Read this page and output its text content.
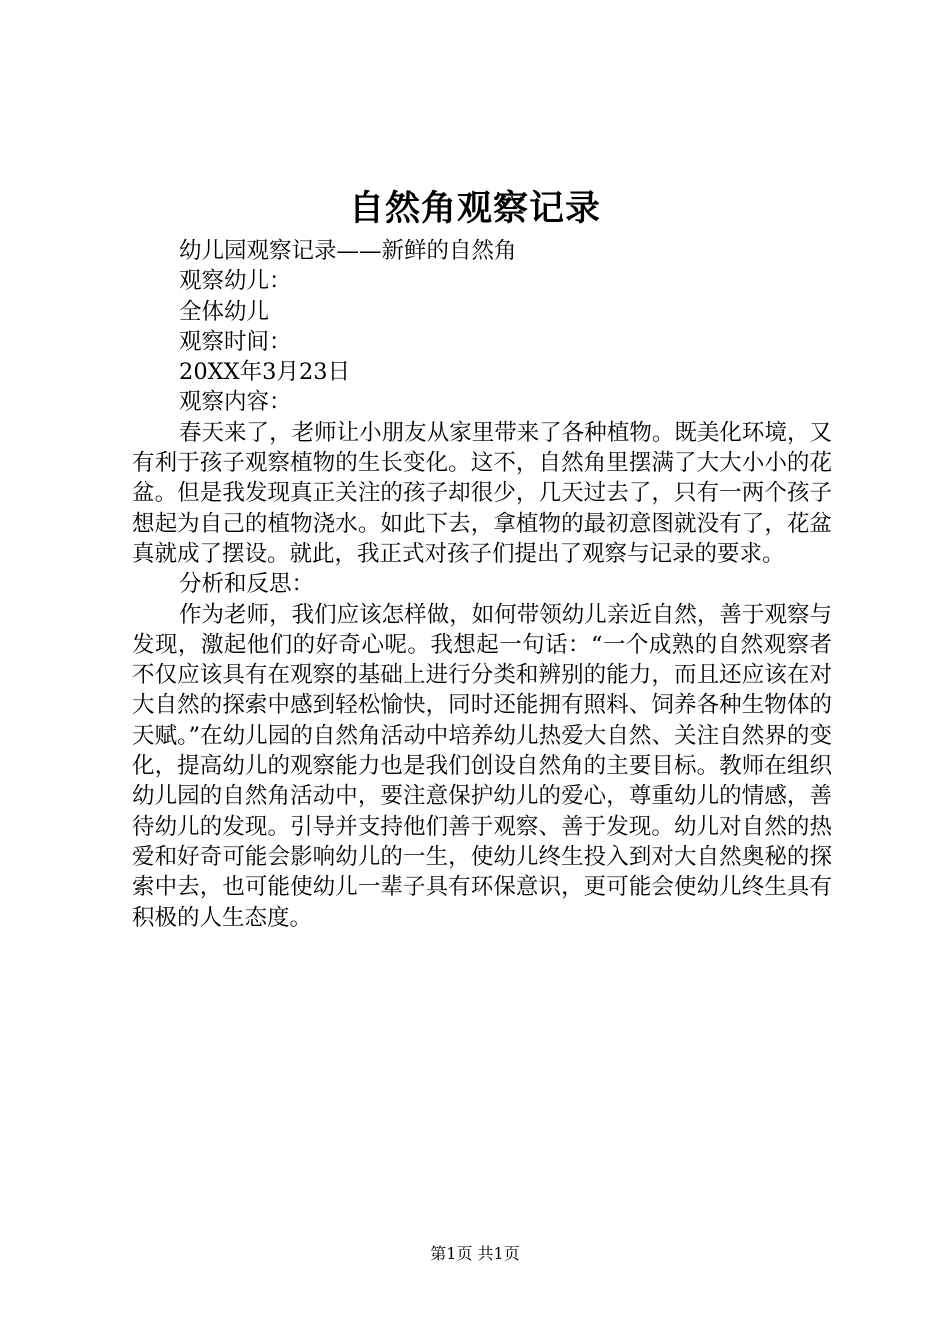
自然角观察记录

幼儿园观察记录——新鲜的自然角

观察幼儿：

全体幼儿

观察时间：

20XX年3月23日

观察内容：

春天来了，老师让小朋友从家里带来了各种植物。既美化环境，又有利于孩子观察植物的生长变化。这不，自然角里摆满了大大小小的花盆。但是我发现真正关注的孩子却很少，几天过去了，只有一两个孩子想起为自己的植物浇水。如此下去，拿植物的最初意图就没有了，花盆真就成了摆设。就此，我正式对孩子们提出了观察与记录的要求。

分析和反思：

作为老师，我们应该怎样做，如何带领幼儿亲近自然，善于观察与发现，激起他们的好奇心呢。我想起一句话：“一个成熟的自然观察者不仅应该具有在观察的基础上进行分类和辨别的能力，而且还应该在对大自然的探索中感到轻松愉快，同时还能拥有照料、饲养各种生物体的天赋。”在幼儿园的自然角活动中培养幼儿热爱大自然、关注自然界的变化，提高幼儿的观察能力也是我们创设自然角的主要目标。教师在组织幼儿园的自然角活动中，要注意保护幼儿的爱心，尊重幼儿的情感，善待幼儿的发现。引导并支持他们善于观察、善于发现。幼儿对自然的热爱和好奇可能会影响幼儿的一生，使幼儿终生投入到对大自然奥秘的探索中去，也可能使幼儿一辈子具有环保意识，更可能会使幼儿终生具有积极的人生态度。

第1页 共1页
